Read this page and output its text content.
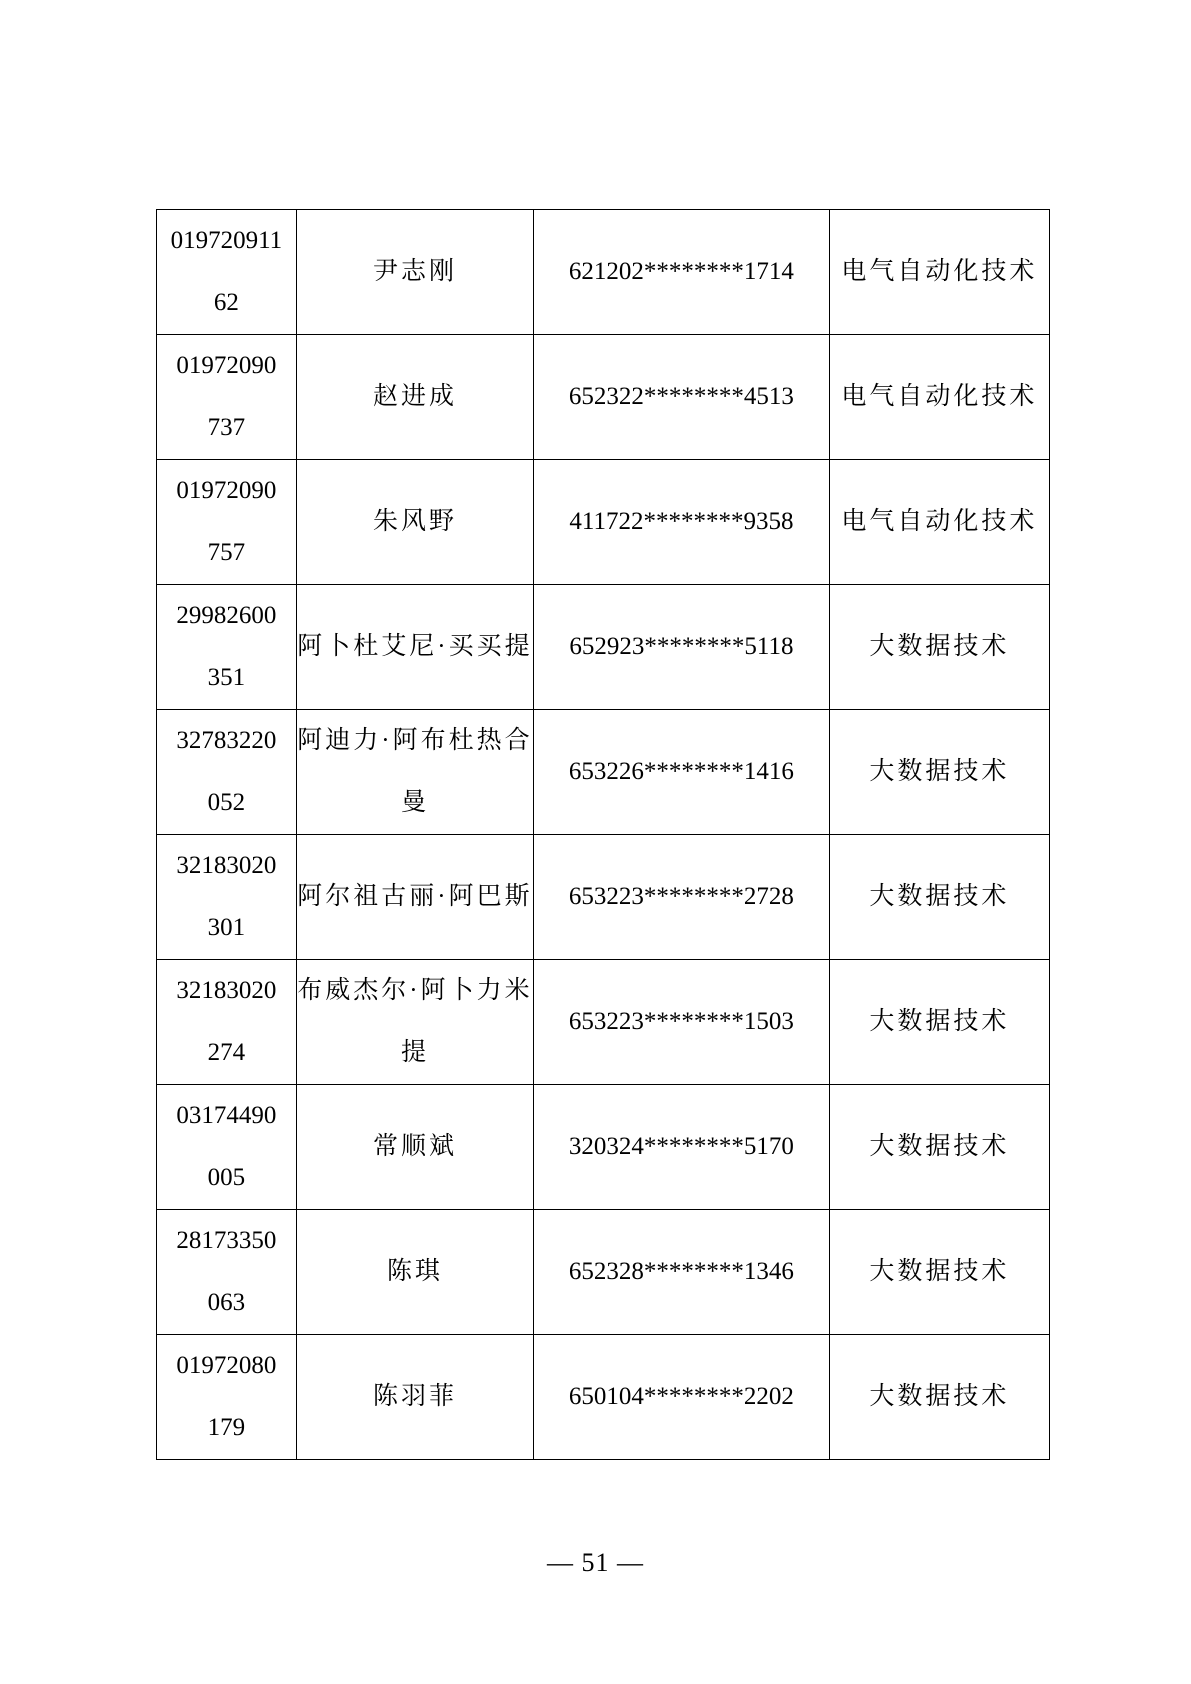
01972091162	尹志刚	621202********1714	电气自动化技术

01972090737	赵进成	652322********4513	电气自动化技术

01972090757	朱风野	411722********9358	电气自动化技术

29982600351	阿卜杜艾尼·买买提	652923********5118	大数据技术

32783220052	阿迪力·阿布杜热合曼	653226********1416	大数据技术

32183020301	阿尔祖古丽·阿巴斯	653223********2728	大数据技术

32183020274	布威杰尔·阿卜力米提	653223********1503	大数据技术

03174490005	常顺斌	320324********5170	大数据技术

28173350063	陈琪	652328********1346	大数据技术

01972080179	陈羽菲	650104********2202	大数据技术
— 51 —
